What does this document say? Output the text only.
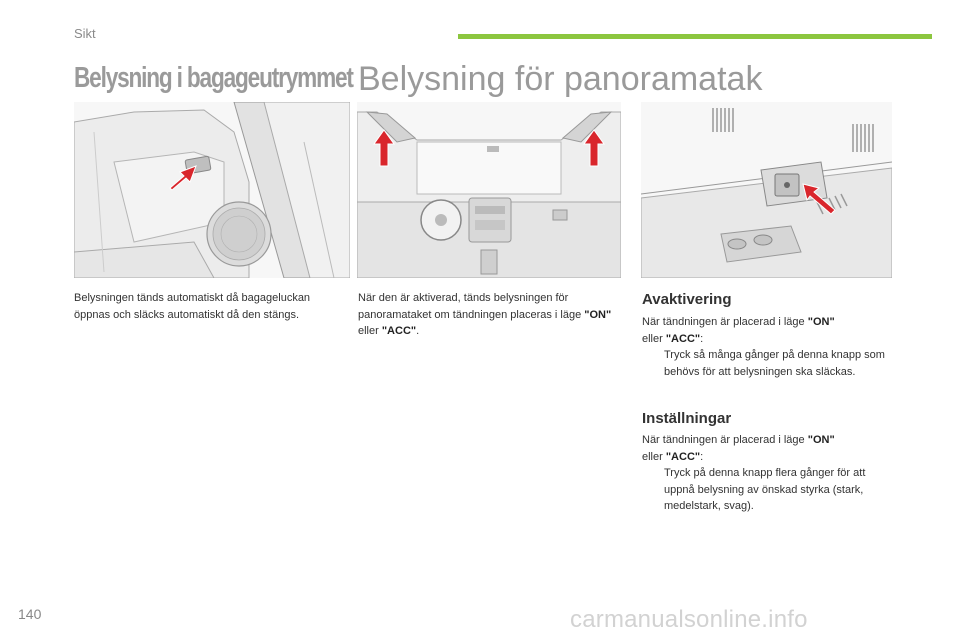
Sikt
Belysning i bagageutrymmet Belysning för panoramatak
Belysningen tänds automatiskt då bagageluckan öppnas och släcks automatiskt då den stängs.
När den är aktiverad, tänds belysningen för panoramataket om tändningen placeras i läge "ON" eller "ACC".
Avaktivering
När tändningen är placerad i läge "ON"
eller "ACC":
Tryck så många gånger på denna knapp som behövs för att belysningen ska släckas.
Inställningar
När tändningen är placerad i läge "ON"
eller "ACC":
Tryck på denna knapp flera gånger för att uppnå belysning av önskad styrka (stark, medelstark, svag).
140	carmanualsonline.info
